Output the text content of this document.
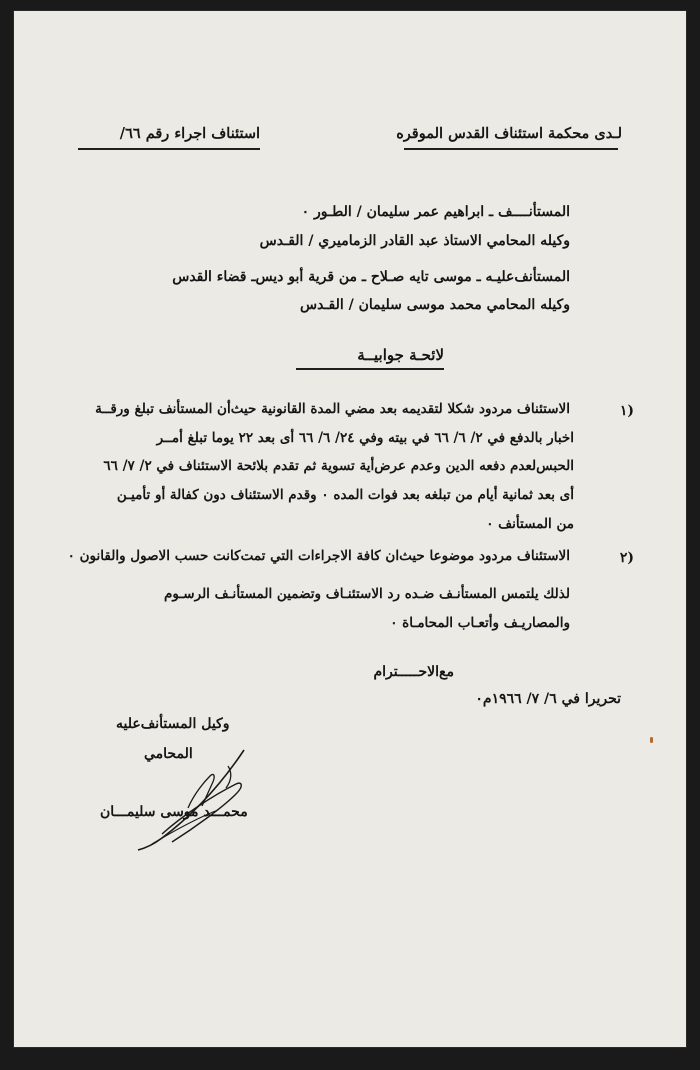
لـدى محكمة استئناف القدس الموقره
استئناف اجراء رقم ٦٦/
المستأنــــف ـ ابراهيم عمر سليمان / الطـور ٠
وكيله المحامي الاستاذ عبد القادر الزماميري / القـدس
المستأنف‌عليـه ـ موسى تايه صـلاح ـ من قرية أبو ديس‌ـ قضاء القدس
وكيله المحامي محمد موسى سليمان / القـدس
لائحـة جوابيــة
١)
الاستئناف مردود شكلا لتقديمه بعد مضي المدة القانونية حيث‌أن المستأنف تبلغ ورقــة
اخبار بالدفع في ٢/ ٦/ ٦٦ في بيته وفي ٢٤/ ٦/ ٦٦ أى بعد ٢٢ يوما تبلغ أمــر
الحبس‌لعدم دفعه الدين وعدم عرض‌أية تسوية ثم تقدم بلائحة الاستئناف في ٢/ ٧/ ٦٦
أى بعد ثمانية أيام من تبلغه بعد فوات المده ٠ وقدم الاستئناف دون كفالة أو تأميـن
من المستأنف ٠
٢)
الاستئناف مردود موضوعا حيث‌ان كافة الاجراءات التي تمت‌كانت حسب الاصول والقانون ٠
لذلك يلتمس المستأنـف ضـده رد الاستئنـاف وتضمين المستأنـف الرسـوم
والمصاريـف وأتعـاب المحامـاة ٠
مع‌الاحـــــترام
تحريرا في ٦/ ٧/ ١٩٦٦م٠
وكيل المستأنف‌عليه
المحامي
محمـــد موسى سليمـــان
